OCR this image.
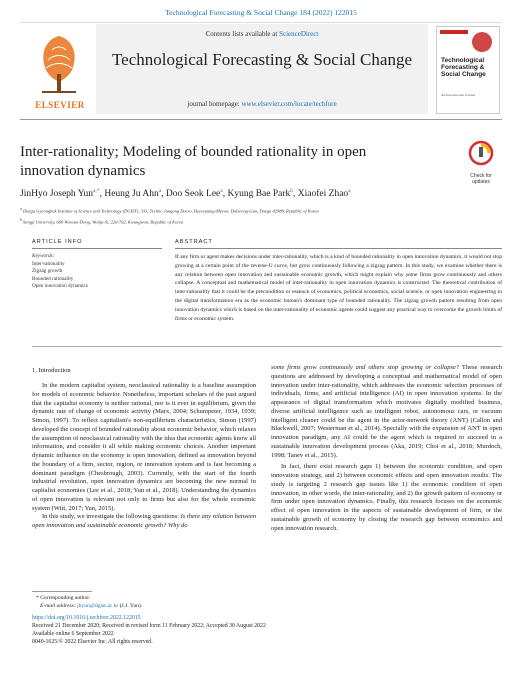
Technological Forecasting & Social Change 184 (2022) 122015
ELSEVIER
Contents lists available at ScienceDirect
Technological Forecasting & Social Change
journal homepage: www.elsevier.com/locate/techfore
Technological Forecasting & Social Change
An International Journal
Inter-rationality; Modeling of bounded rationality in open innovation dynamics	Check for updates
JinHyo Joseph Yun$^{a,*}$, Heung Ju Ahn$^a$, Doo Seok Lee$^a$, Kyung Bae Park$^b$, Xiaofei Zhao$^a$
$^a$ Daegu Gyeongbuk Institute of Science and Technology (DGIST), 333, Techno Jungang Daero, Hyeonpung-Myeon, Dalseong-Gun, Daegu 42988, Republic of Korea
$^b$ Sangji University, 660 Woosan-Dong, Wonju-Si, 220-702, Kwangwon, Republic of Korea
ARTICLE INFO	ABSTRACT
Keywords:
Inter-rationality
Zigzag growth
Bounded rationality
Open innovation dynamics
If any firm or agent makes decisions under inter-rationality, which is a kind of bounded rationality in open innovation dynamics, it would not stop growing at a certain point of the reverse-U curve, but grow continuously following a zigzag pattern. In this study, we examine whether there is any relation between open innovation and sustainable economic growth, which might explain why some firms grow continuously and others collapse. A conceptual and mathematical model of inter-rationality in open innovation dynamics is constructed. The theoretical contribution of inter-rationality that it could be the precondition or essence of economics, political economics, social science, or open innovation engineering in the digital transformation era as the economic human's dominant type of bounded rationality. The zigzag growth pattern resulting from open innovation dynamics which is based on the inter-rationality of economic agents could suggest any practical way to overcome the growth limits of firms or economic system.
1. Introduction

In the modern capitalist system, neoclassical rationality is a baseline assumption for models of economic behavior. Nonetheless, important scholars of the past argued that the capitalist economy is neither rational, nor is it ever in equilibrium, given the dynamic rate of change of economic activity (Marx, 2004; Schumpeter, 1934, 1939; Simon, 1997). To reflect capitalism's non-equilibrium characteristics, Simon (1997) developed the concept of bounded rationality about economic behavior, which relaxes the assumption of neoclassical rationality with the idea that economic agents know all information, and consider it all while making economic choices. Another important dynamic influence on the economy is open innovation, defined as innovation beyond the boundary of a firm, sector, region, or innovation system and is fast becoming a dominant paradigm (Chesbrough, 2003). Currently, with the start of the fourth industrial revolution, open innovation dynamics are becoming the new normal in capitalist economies (Lee et al., 2018; Yun et al., 2018). Understanding the dynamics of open innovation is relevant not only to firms but also for the whole economic system (Witt, 2017; Yun, 2015).

In this study, we investigate the following questions: Is there any relation between open innovation and sustainable economic growth? Why do

some firms grow continuously and others stop growing or collapse? These research questions are addressed by developing a conceptual and mathematical model of open innovation under inter-rationality, which addresses the economic selection processes of individuals, firms, and artificial intelligence (AI) in open innovation systems. In the appearance of digital transformation which motivates digitally modified business, diverse artificial intelligence such as intelligent robot, autonomous cars, or vacuum intelligent cleaner could be the agent in the actor-network theory (ANT) (Callon and Blackwell, 2007; Westerman et al., 2014). Specially with the expansion of ANT in open innovation paradigm, any AI could be the agent which is required to succeed in a sustainable innovation development process (Aka, 2019; Choi et al., 2018; Murdoch, 1998; Tanev et al., 2015).

In fact, there exist research gaps 1) between the economic condition, and open innovation strategy, and 2) between economic effects and open innovation results. The study is targeting 2 research gap issues like 1) the economic condition of open innovation, in other words, the inter-rationality, and 2) the growth pattern of economy or firm under open innovation dynamics. Finally, this research focuses on the economic effect of open innovation in the aspects of sustainable development of firm, or the sustainable growth of economy by closing the research gap between economics and open innovation research.

* Corresponding author.
E-mail address: jhyun@dgist.ac.kr (J.J. Yun).
https://doi.org/10.1016/j.techfore.2022.122015
Received 21 December 2020; Received in revised form 11 February 2022; Accepted 30 August 2022
Available online 6 September 2022
0040-1625/© 2022 Elsevier Inc. All rights reserved.
